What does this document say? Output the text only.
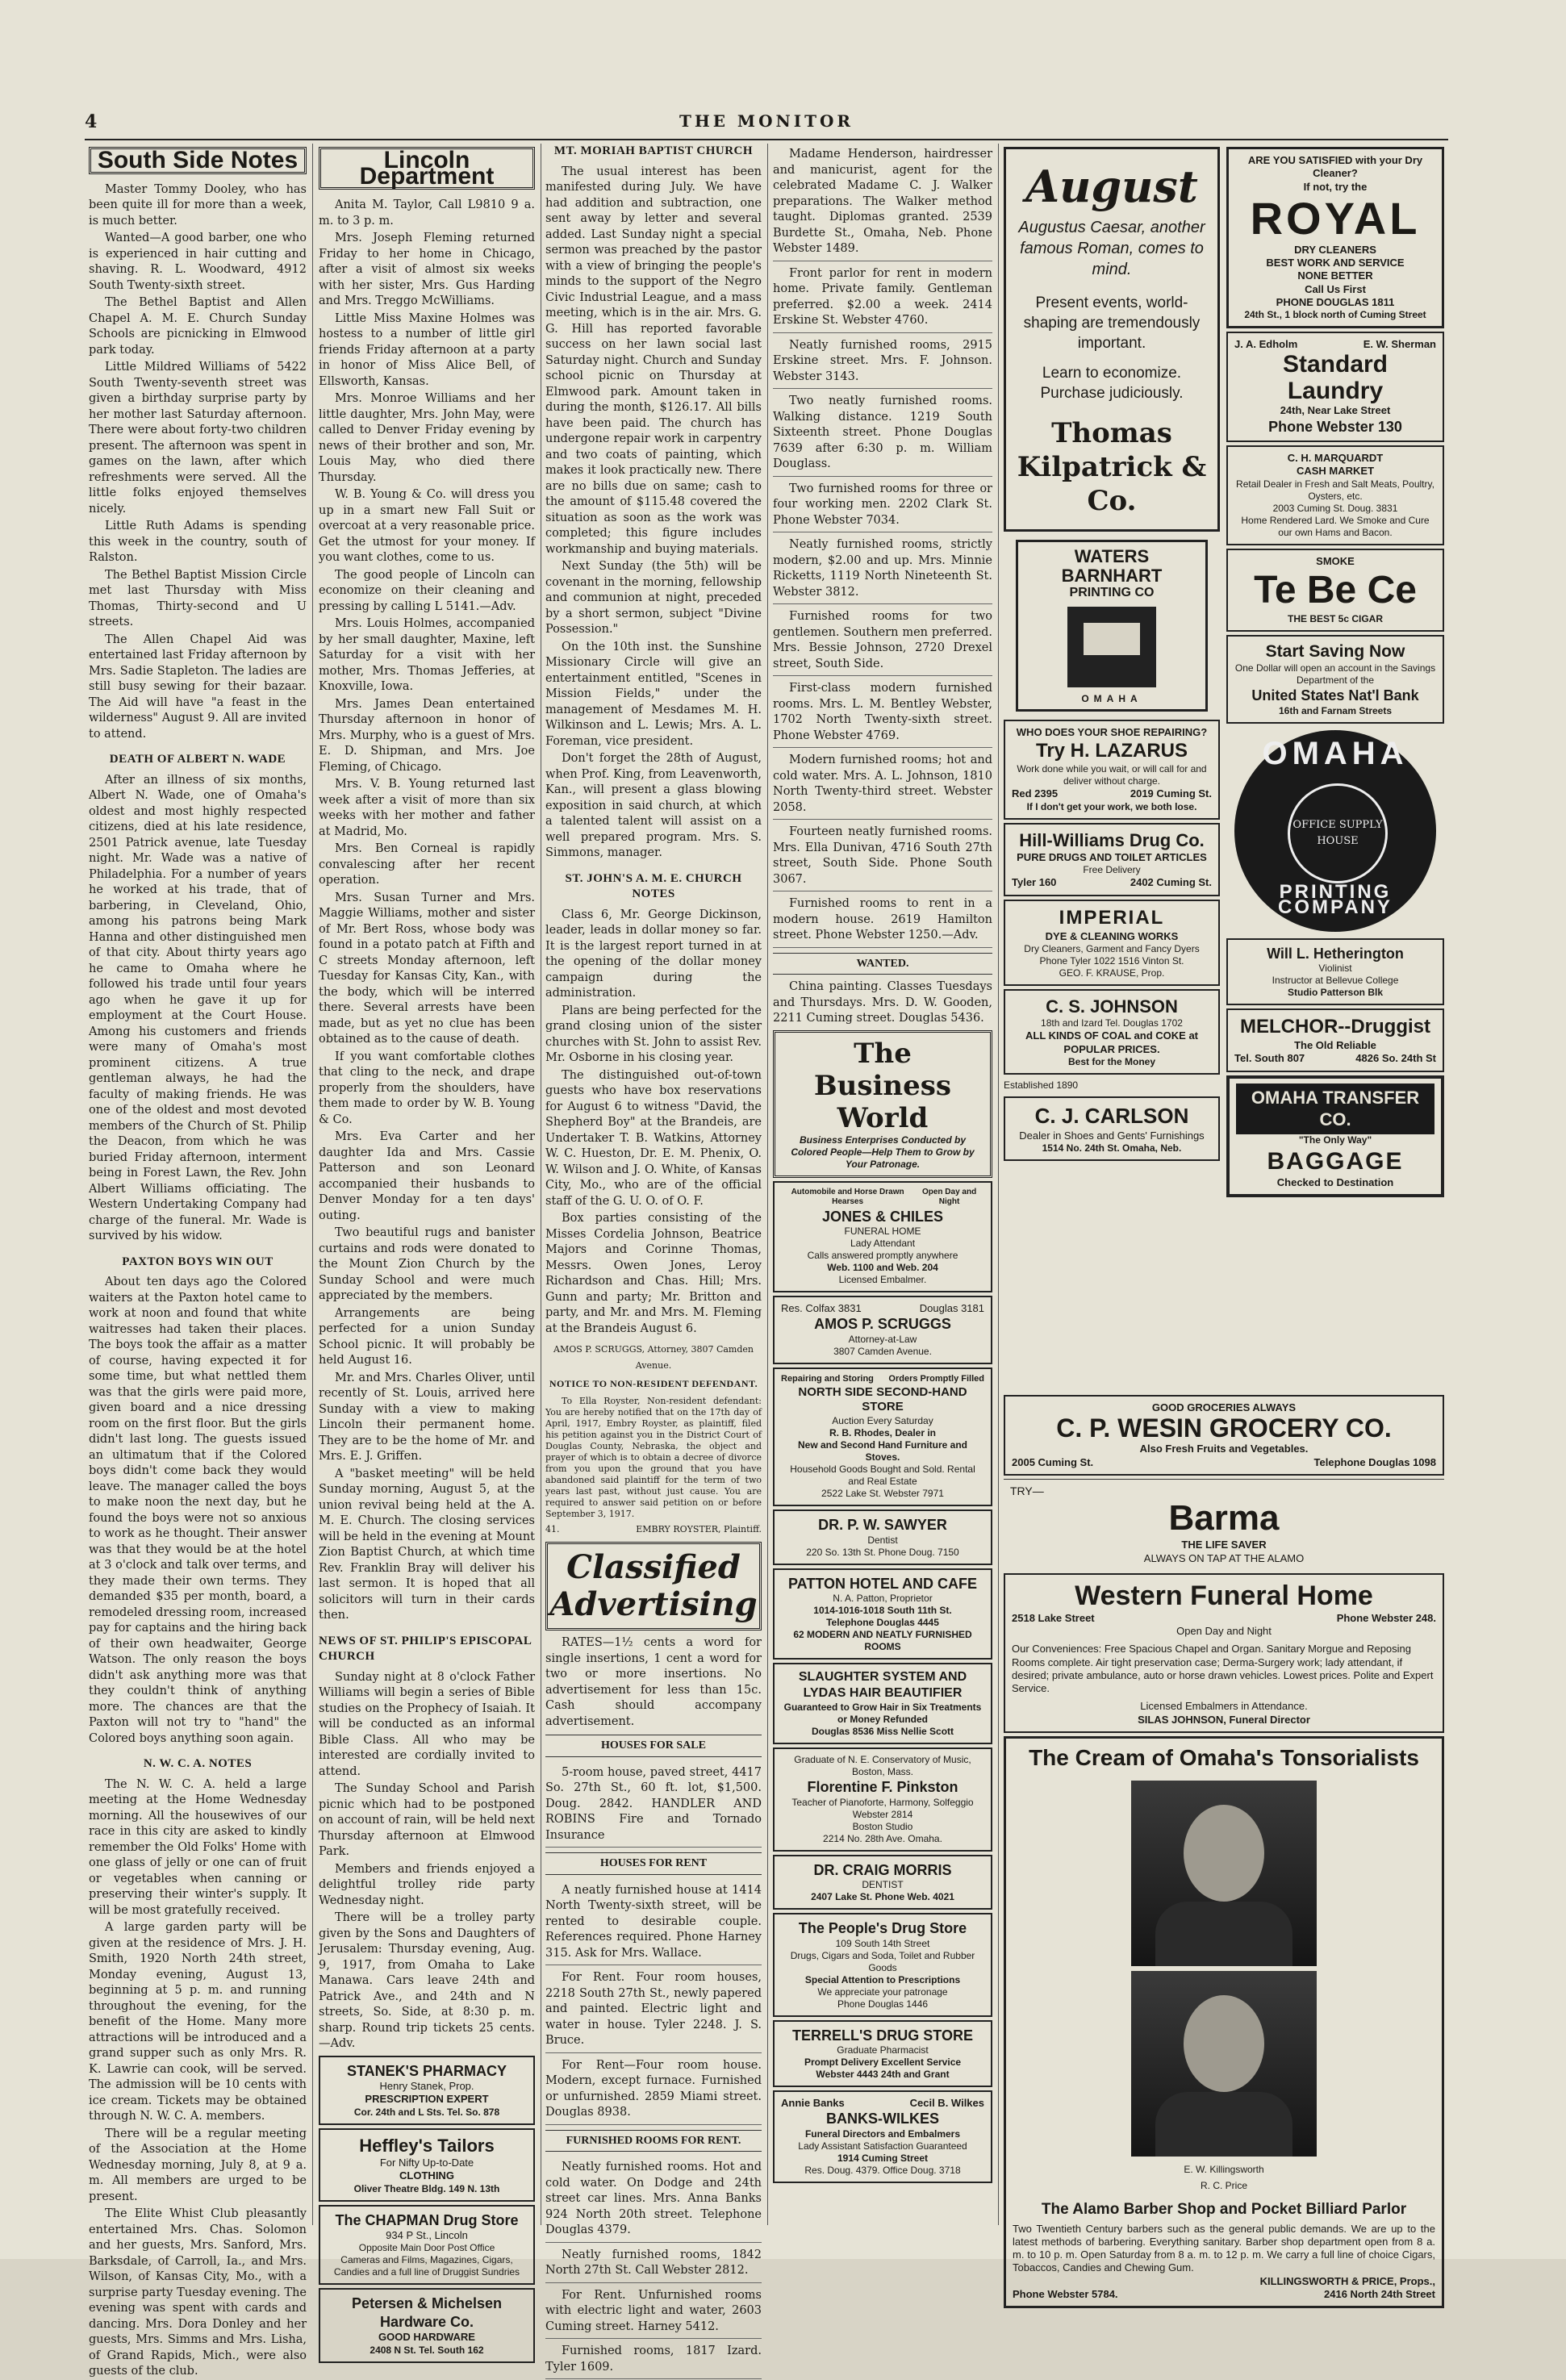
4	THE MONITOR
South Side Notes

Master Tommy Dooley, who has been quite ill for more than a week, is much better.

Wanted—A good barber, one who is experienced in hair cutting and shaving. R. L. Woodward, 4912 South Twenty-sixth street.

The Bethel Baptist and Allen Chapel A. M. E. Church Sunday Schools are picnicking in Elmwood park today.

Little Mildred Williams of 5422 South Twenty-seventh street was given a birthday surprise party by her mother last Saturday afternoon. There were about forty-two children present. The afternoon was spent in games on the lawn, after which refreshments were served. All the little folks enjoyed themselves nicely.

Little Ruth Adams is spending this week in the country, south of Ralston.

The Bethel Baptist Mission Circle met last Thursday with Miss Thomas, Thirty-second and U streets.

The Allen Chapel Aid was entertained last Friday afternoon by Mrs. Sadie Stapleton. The ladies are still busy sewing for their bazaar. The Aid will have "a feast in the wilderness" August 9. All are invited to attend.

DEATH OF ALBERT N. WADE

After an illness of six months, Albert N. Wade, one of Omaha's oldest and most highly respected citizens, died at his late residence, 2501 Patrick avenue, late Tuesday night. Mr. Wade was a native of Philadelphia. For a number of years he worked at his trade, that of barbering, in Cleveland, Ohio, among his patrons being Mark Hanna and other distinguished men of that city. About thirty years ago he came to Omaha where he followed his trade until four years ago when he gave it up for employment at the Court House. Among his customers and friends were many of Omaha's most prominent citizens. A true gentleman always, he had the faculty of making friends. He was one of the oldest and most devoted members of the Church of St. Philip the Deacon, from which he was buried Friday afternoon, interment being in Forest Lawn, the Rev. John Albert Williams officiating. The Western Undertaking Company had charge of the funeral. Mr. Wade is survived by his widow.

PAXTON BOYS WIN OUT

About ten days ago the Colored waiters at the Paxton hotel came to work at noon and found that white waitresses had taken their places. The boys took the affair as a matter of course, having expected it for some time, but what nettled them was that the girls were paid more, given board and a nice dressing room on the first floor. But the girls didn't last long. The guests issued an ultimatum that if the Colored boys didn't come back they would leave. The manager called the boys to make noon the next day, but he found the boys were not so anxious to work as he thought. Their answer was that they would be at the hotel at 3 o'clock and talk over terms, and they made their own terms. They demanded $35 per month, board, a remodeled dressing room, increased pay for captains and the hiring back of their own headwaiter, George Watson. The only reason the boys didn't ask anything more was that they couldn't think of anything more. The chances are that the Paxton will not try to "hand" the Colored boys anything soon again.

N. W. C. A. NOTES

The N. W. C. A. held a large meeting at the Home Wednesday morning. All the housewives of our race in this city are asked to kindly remember the Old Folks' Home with one glass of jelly or one can of fruit or vegetables when canning or preserving their winter's supply. It will be most gratefully received.

A large garden party will be given at the residence of Mrs. J. H. Smith, 1920 North 24th street, Monday evening, August 13, beginning at 5 p. m. and running throughout the evening, for the benefit of the Home. Many more attractions will be introduced and a grand supper such as only Mrs. R. K. Lawrie can cook, will be served. The admission will be 10 cents with ice cream. Tickets may be obtained through N. W. C. A. members.

There will be a regular meeting of the Association at the Home Wednesday morning, July 8, at 9 a. m. All members are urged to be present.

The Elite Whist Club pleasantly entertained Mrs. Chas. Solomon and her guests, Mrs. Sanford, Mrs. Barksdale, of Carroll, Ia., and Mrs. Wilson, of Kansas City, Mo., with a surprise party Tuesday evening. The evening was spent with cards and dancing. Mrs. Dora Donley and her guests, Mrs. Simms and Mrs. Lisha, of Grand Rapids, Mich., were also guests of the club.

Lincoln Department

Anita M. Taylor, Call L9810 9 a. m. to 3 p. m.

Mrs. Joseph Fleming returned Friday to her home in Chicago, after a visit of almost six weeks with her sister, Mrs. Gus Harding and Mrs. Treggo McWilliams.

Little Miss Maxine Holmes was hostess to a number of little girl friends Friday afternoon at a party in honor of Miss Alice Bell, of Ellsworth, Kansas.

Mrs. Monroe Williams and her little daughter, Mrs. John May, were called to Denver Friday evening by news of their brother and son, Mr. Louis May, who died there Thursday.

W. B. Young & Co. will dress you up in a smart new Fall Suit or overcoat at a very reasonable price. Get the utmost for your money. If you want clothes, come to us.

The good people of Lincoln can economize on their cleaning and pressing by calling L 5141.—Adv.

Mrs. Louis Holmes, accompanied by her small daughter, Maxine, left Saturday for a visit with her mother, Mrs. Thomas Jefferies, at Knoxville, Iowa.

Mrs. James Dean entertained Thursday afternoon in honor of Mrs. Murphy, who is a guest of Mrs. E. D. Shipman, and Mrs. Joe Fleming, of Chicago.

Mrs. V. B. Young returned last week after a visit of more than six weeks with her mother and father at Madrid, Mo.

Mrs. Ben Corneal is rapidly convalescing after her recent operation.

Mrs. Susan Turner and Mrs. Maggie Williams, mother and sister of Mr. Bert Ross, whose body was found in a potato patch at Fifth and C streets Monday afternoon, left Tuesday for Kansas City, Kan., with the body, which will be interred there. Several arrests have been made, but as yet no clue has been obtained as to the cause of death.

If you want comfortable clothes that cling to the neck, and drape properly from the shoulders, have them made to order by W. B. Young & Co.

Mrs. Eva Carter and her daughter Ida and Mrs. Cassie Patterson and son Leonard accompanied their husbands to Denver Monday for a ten days' outing.

Two beautiful rugs and banister curtains and rods were donated to the Mount Zion Church by the Sunday School and were much appreciated by the members.

Arrangements are being perfected for a union Sunday School picnic. It will probably be held August 16.

Mr. and Mrs. Charles Oliver, until recently of St. Louis, arrived here Sunday with a view to making Lincoln their permanent home. They are to be the home of Mr. and Mrs. E. J. Griffen.

A "basket meeting" will be held Sunday morning, August 5, at the union revival being held at the A. M. E. Church. The closing services will be held in the evening at Mount Zion Baptist Church, at which time Rev. Franklin Bray will deliver his last sermon. It is hoped that all solicitors will turn in their cards then.

NEWS OF ST. PHILIP'S EPISCOPAL CHURCH

Sunday night at 8 o'clock Father Williams will begin a series of Bible studies on the Prophecy of Isaiah. It will be conducted as an informal Bible Class. All who may be interested are cordially invited to attend.

The Sunday School and Parish picnic which had to be postponed on account of rain, will be held next Thursday afternoon at Elmwood Park.

Members and friends enjoyed a delightful trolley ride party Wednesday night.

There will be a trolley party given by the Sons and Daughters of Jerusalem: Thursday evening, Aug. 9, 1917, from Omaha to Lake Manawa. Cars leave 24th and Patrick Ave., and 24th and N streets, So. Side, at 8:30 p. m. sharp. Round trip tickets 25 cents.—Adv.

STANEK'S PHARMACY
Henry Stanek, Prop.
PRESCRIPTION EXPERT
Cor. 24th and L Sts. Tel. So. 878
Heffley's Tailors
For Nifty Up-to-Date
CLOTHING
Oliver Theatre Bldg. 149 N. 13th
The CHAPMAN Drug Store
934 P St., Lincoln
Opposite Main Door Post Office
Cameras and Films, Magazines, Cigars, Candies and a full line of Druggist Sundries
Petersen & Michelsen Hardware Co.
GOOD HARDWARE
2408 N St. Tel. South 162
MT. MORIAH BAPTIST CHURCH

The usual interest has been manifested during July. We have had addition and subtraction, one sent away by letter and several added. Last Sunday night a special sermon was preached by the pastor with a view of bringing the people's minds to the support of the Negro Civic Industrial League, and a mass meeting, which is in the air. Mrs. G. G. Hill has reported favorable success on her lawn social last Saturday night. Church and Sunday school picnic on Thursday at Elmwood park. Amount taken in during the month, $126.17. All bills have been paid. The church has undergone repair work in carpentry and two coats of painting, which makes it look practically new. There are no bills due on same; cash to the amount of $115.48 covered the situation as soon as the work was completed; this figure includes workmanship and buying materials.

Next Sunday (the 5th) will be covenant in the morning, fellowship and communion at night, preceded by a short sermon, subject "Divine Possession."

On the 10th inst. the Sunshine Missionary Circle will give an entertainment entitled, "Scenes in Mission Fields," under the management of Mesdames M. H. Wilkinson and L. Lewis; Mrs. A. L. Foreman, vice president.

Don't forget the 28th of August, when Prof. King, from Leavenworth, Kan., will present a glass blowing exposition in said church, at which a talented talent will assist on a well prepared program. Mrs. S. Simmons, manager.

ST. JOHN'S A. M. E. CHURCH NOTES

Class 6, Mr. George Dickinson, leader, leads in dollar money so far. It is the largest report turned in at the opening of the dollar money campaign during the administration.

Plans are being perfected for the grand closing union of the sister churches with St. John to assist Rev. Mr. Osborne in his closing year.

The distinguished out-of-town guests who have box reservations for August 6 to witness "David, the Shepherd Boy" at the Brandeis, are Undertaker T. B. Watkins, Attorney W. C. Hueston, Dr. E. M. Phenix, O. W. Wilson and J. O. White, of Kansas City, Mo., who are of the official staff of the G. U. O. of O. F.

Box parties consisting of the Misses Cordelia Johnson, Beatrice Majors and Corinne Thomas, Messrs. Owen Jones, Leroy Richardson and Chas. Hill; Mrs. Gunn and party; Mr. Britton and party, and Mr. and Mrs. M. Fleming at the Brandeis August 6.

AMOS P. SCRUGGS, Attorney, 3807 Camden Avenue.
NOTICE TO NON-RESIDENT DEFENDANT.

To Ella Royster, Non-resident defendant: You are hereby notified that on the 17th day of April, 1917, Embry Royster, as plaintiff, filed his petition against you in the District Court of Douglas County, Nebraska, the object and prayer of which is to obtain a decree of divorce from you upon the ground that you have abandoned said plaintiff for the term of two years last past, without just cause. You are required to answer said petition on or before September 3, 1917.

41.	EMBRY ROYSTER, Plaintiff.
Classified Advertising

RATES—1½ cents a word for single insertions, 1 cent a word for two or more insertions. No advertisement for less than 15c. Cash should accompany advertisement.

HOUSES FOR SALE

5-room house, paved street, 4417 So. 27th St., 60 ft. lot, $1,500. Doug. 2842. HANDLER AND ROBINS Fire and Tornado Insurance

HOUSES FOR RENT

A neatly furnished house at 1414 North Twenty-sixth street, will be rented to desirable couple. References required. Phone Harney 315. Ask for Mrs. Wallace.

For Rent. Four room houses, 2218 South 27th St., newly papered and painted. Electric light and water in house. Tyler 2248. J. S. Bruce.

For Rent—Four room house. Modern, except furnace. Furnished or unfurnished. 2859 Miami street. Douglas 8938.

FURNISHED ROOMS FOR RENT.

Neatly furnished rooms. Hot and cold water. On Dodge and 24th street car lines. Mrs. Anna Banks 924 North 20th street. Telephone Douglas 4379.

Neatly furnished rooms, 1842 North 27th St. Call Webster 2812.

For Rent. Unfurnished rooms with electric light and water, 2603 Cuming street. Harney 5412.

Furnished rooms, 1817 Izard. Tyler 1609.

Madame Henderson, hairdresser and manicurist, agent for the celebrated Madame C. J. Walker preparations. The Walker method taught. Diplomas granted. 2539 Burdette St., Omaha, Neb. Phone Webster 1489.

Front parlor for rent in modern home. Private family. Gentleman preferred. $2.00 a week. 2414 Erskine St. Webster 4760.

Neatly furnished rooms, 2915 Erskine street. Mrs. F. Johnson. Webster 3143.

Two neatly furnished rooms. Walking distance. 1219 South Sixteenth street. Phone Douglas 7639 after 6:30 p. m. William Douglass.

Two furnished rooms for three or four working men. 2202 Clark St. Phone Webster 7034.

Neatly furnished rooms, strictly modern, $2.00 and up. Mrs. Minnie Ricketts, 1119 North Nineteenth St. Webster 3812.

Furnished rooms for two gentlemen. Southern men preferred. Mrs. Bessie Johnson, 2720 Drexel street, South Side.

First-class modern furnished rooms. Mrs. L. M. Bentley Webster, 1702 North Twenty-sixth street. Phone Webster 4769.

Modern furnished rooms; hot and cold water. Mrs. A. L. Johnson, 1810 North Twenty-third street. Webster 2058.

Fourteen neatly furnished rooms. Mrs. Ella Dunivan, 4716 South 27th street, South Side. Phone South 3067.

Furnished rooms to rent in a modern house. 2619 Hamilton street. Phone Webster 1250.—Adv.

WANTED.

China painting. Classes Tuesdays and Thursdays. Mrs. D. W. Gooden, 2211 Cuming street. Douglas 5436.

The Business World
Business Enterprises Conducted by Colored People—Help Them to Grow by Your Patronage.
Automobile and Horse Drawn Hearses
Open Day and Night
JONES & CHILES
FUNERAL HOME
Lady Attendant
Calls answered promptly anywhere
Web. 1100 and Web. 204
Licensed Embalmer.
Res. Colfax 3831	Douglas 3181
AMOS P. SCRUGGS
Attorney-at-Law
3807 Camden Avenue.
Repairing and Storing Orders Promptly Filled
NORTH SIDE SECOND-HAND STORE
Auction Every Saturday
R. B. Rhodes, Dealer in
New and Second Hand Furniture and Stoves.
Household Goods Bought and Sold. Rental and Real Estate
2522 Lake St. Webster 7971
DR. P. W. SAWYER
Dentist
220 So. 13th St. Phone Doug. 7150
PATTON HOTEL AND CAFE
N. A. Patton, Proprietor
1014-1016-1018 South 11th St.
Telephone Douglas 4445
62 MODERN AND NEATLY FURNISHED ROOMS
SLAUGHTER SYSTEM AND LYDAS HAIR BEAUTIFIER
Guaranteed to Grow Hair in Six Treatments or Money Refunded
Douglas 8536 Miss Nellie Scott
Graduate of N. E. Conservatory of Music, Boston, Mass.
Florentine F. Pinkston
Teacher of Pianoforte, Harmony, Solfeggio
Webster 2814
Boston Studio
2214 No. 28th Ave. Omaha.
DR. CRAIG MORRIS
DENTIST
2407 Lake St. Phone Web. 4021
The People's Drug Store
109 South 14th Street
Drugs, Cigars and Soda, Toilet and Rubber Goods
Special Attention to Prescriptions
We appreciate your patronage
Phone Douglas 1446
TERRELL'S DRUG STORE
Graduate Pharmacist
Prompt Delivery Excellent Service
Webster 4443 24th and Grant
Annie Banks	Cecil B. Wilkes
BANKS-WILKES
Funeral Directors and Embalmers
Lady Assistant Satisfaction Guaranteed
1914 Cuming Street
Res. Doug. 4379. Office Doug. 3718
August
Augustus Caesar, another famous Roman, comes to mind.
Present events, world-shaping are tremendously important.
Learn to economize. Purchase judiciously.
Thomas Kilpatrick & Co.
WATERS
BARNHART
PRINTING CO
OMAHA
WHO DOES YOUR SHOE REPAIRING?
Try H. LAZARUS
Work done while you wait, or will call for and deliver without charge.
Red 2395	2019 Cuming St.
If I don't get your work, we both lose.
Hill-Williams Drug Co.
PURE DRUGS AND TOILET ARTICLES
Free Delivery
Tyler 160	2402 Cuming St.
IMPERIAL
DYE & CLEANING WORKS
Dry Cleaners, Garment and Fancy Dyers
Phone Tyler 1022 1516 Vinton St.
GEO. F. KRAUSE, Prop.
C. S. JOHNSON
18th and Izard Tel. Douglas 1702
ALL KINDS OF COAL and COKE at POPULAR PRICES.
Best for the Money
Established 1890
C. J. CARLSON
Dealer in Shoes and Gents' Furnishings
1514 No. 24th St. Omaha, Neb.
ARE YOU SATISFIED with your Dry Cleaner?
If not, try the
ROYAL
DRY CLEANERS
BEST WORK AND SERVICE
NONE BETTER
Call Us First
PHONE DOUGLAS 1811
24th St., 1 block north of Cuming Street
J. A. Edholm	E. W. Sherman
Standard Laundry
24th, Near Lake Street
Phone Webster 130
C. H. MARQUARDT
CASH MARKET
Retail Dealer in Fresh and Salt Meats, Poultry, Oysters, etc.
2003 Cuming St. Doug. 3831
Home Rendered Lard. We Smoke and Cure our own Hams and Bacon.
SMOKE
Te Be Ce
THE BEST 5c CIGAR
Start Saving Now
One Dollar will open an account in the Savings Department of the
United States Nat'l Bank
16th and Farnam Streets
OMAHA
OFFICE SUPPLY HOUSE
PRINTING COMPANY
Will L. Hetherington
Violinist
Instructor at Bellevue College
Studio Patterson Blk
MELCHOR--Druggist
The Old Reliable
Tel. South 807	4826 So. 24th St
OMAHA TRANSFER CO.
"The Only Way"
BAGGAGE
Checked to Destination
GOOD GROCERIES ALWAYS
C. P. WESIN GROCERY CO.
Also Fresh Fruits and Vegetables.
2005 Cuming St.	Telephone Douglas 1098
TRY—
Barma
THE LIFE SAVER
ALWAYS ON TAP AT THE ALAMO
Western Funeral Home
2518 Lake Street	Phone Webster 248.
Open Day and Night
Our Conveniences: Free Spacious Chapel and Organ. Sanitary Morgue and Reposing Rooms complete. Air tight preservation case; Derma-Surgery work; lady attendant, if desired; private ambulance, auto or horse drawn vehicles. Lowest prices. Polite and Expert Service.
Licensed Embalmers in Attendance.
SILAS JOHNSON, Funeral Director
The Cream of Omaha's Tonsorialists
E. W. KillingsworthR. C. Price
The Alamo Barber Shop and Pocket Billiard Parlor
Two Twentieth Century barbers such as the general public demands. We are up to the latest methods of barbering. Everything sanitary. Barber shop department open from 8 a. m. to 10 p. m. Open Saturday from 8 a. m. to 12 p. m. We carry a full line of choice Cigars, Tobaccos, Candies and Chewing Gum.
KILLINGSWORTH & PRICE, Props.,
Phone Webster 5784.	2416 North 24th Street
